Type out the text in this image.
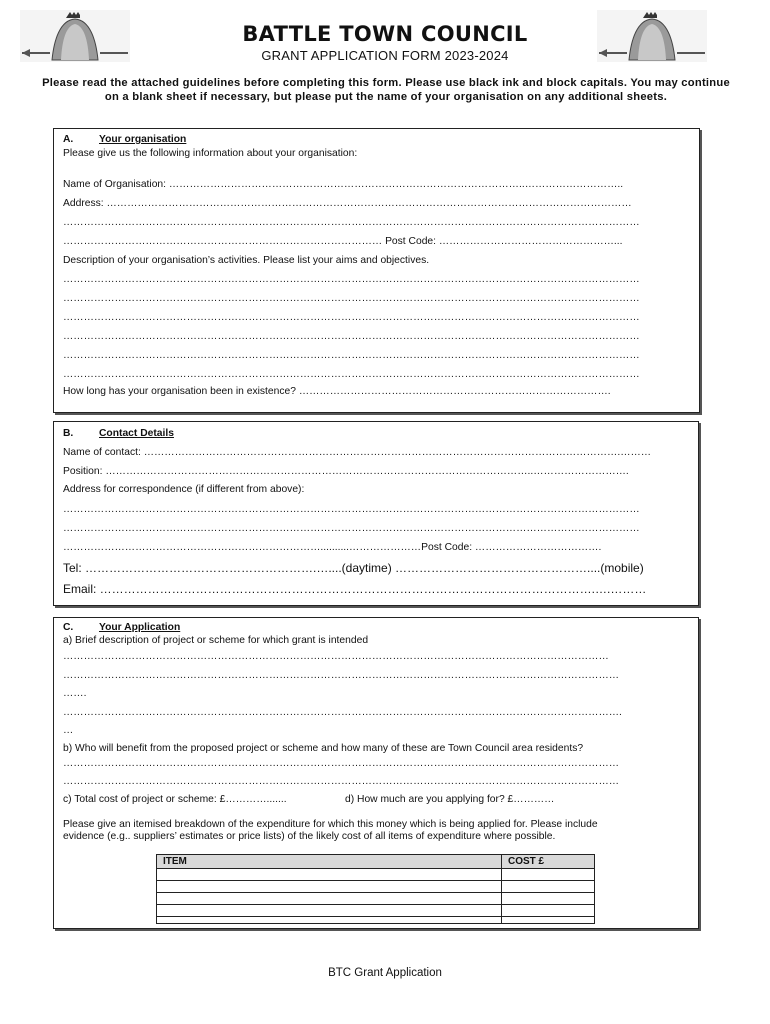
BATTLE TOWN COUNCIL
GRANT APPLICATION FORM 2023-2024
Please read the attached guidelines before completing this form. Please use black ink and block capitals. You may continue on a blank sheet if necessary, but please put the name of your organisation on any additional sheets.
A. Your organisation
Please give us the following information about your organisation:
Name of Organisation: …………………………………………………………………………………………..………………………..
Address: ………………………………………………………………………………………………………………………………………
……………………………………………………………………………………………………………………………………………………
………………………………………………………………………………… Post Code: ……………………………………………...
Description of your organisation’s activities. Please list your aims and objectives.
……………………………………………………………………………………………………………………………………………………
……………………………………………………………………………………………………………………………………………………
……………………………………………………………………………………………………………………………………………………
……………………………………………………………………………………………………………………………………………………
……………………………………………………………………………………………………………………………………………………
……………………………………………………………………………………………………………………………………………………
How long has your organisation been in existence? ……………………………………………………………………………….
B. Contact Details
Name of contact: ………………………………………………………………………………………………………………………….………
Position: ……………………………………………………………………………………………………………..……………………….
Address for correspondence (if different from above):
……………………………………………………………………………………………………………………………………………………
……………………………………………………………………………………………………………………………………………………
…………………………………………………………………..........…………………Post Code: ……………………………….
Tel: ………………………………………………….…....(daytime) …………………………………………....(mobile)
Email: …………………………………………………………………………………………………………….….………
C. Your Application
a) Brief description of project or scheme for which grant is intended
……………………………………………………………………………………………………………………………………………
………………………………………………………………………………………………………………………………………………
…….
……………………………………………………………………………………………………………………………………………….
…
b) Who will benefit from the proposed project or scheme and how many of these are Town Council area residents?
………………………………………………………………………………………………………………………………………………
………………………………………………………………………………………………………………………………………………
c) Total cost of project or scheme: £………….......	d) How much are you applying for? £…………
Please give an itemised breakdown of the expenditure for which this money which is being applied for. Please include
evidence (e.g.. suppliers’ estimates or price lists) of the likely cost of all items of expenditure where possible.
ITEM	COST £

BTC Grant Application
